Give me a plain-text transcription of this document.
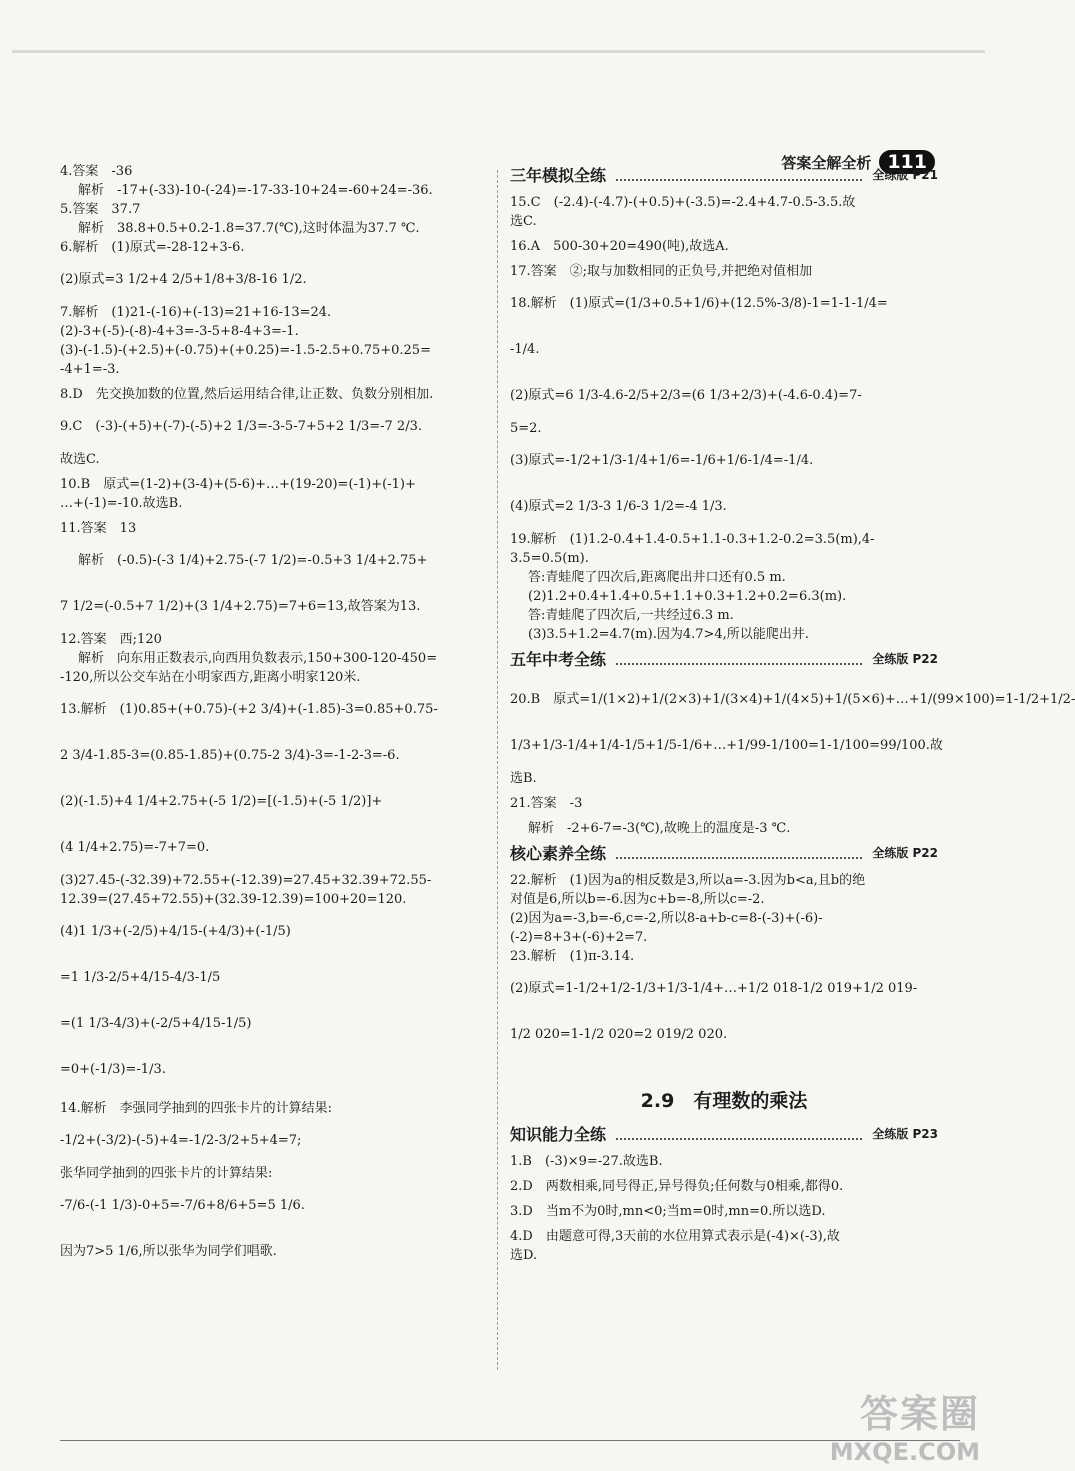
答案全解全析 111

4.答案　-36

解析　-17+(-33)-10-(-24)=-17-33-10+24=-60+24=-36.

5.答案　37.7

解析　38.8+0.5+0.2-1.8=37.7(℃),这时体温为37.7 ℃.

6.解析　(1)原式=-28-12+3-6.

(2)原式=3 1/2+4 2/5+1/8+3/8-16 1/2.

7.解析　(1)21-(-16)+(-13)=21+16-13=24.

(2)-3+(-5)-(-8)-4+3=-3-5+8-4+3=-1.

(3)-(-1.5)-(+2.5)+(-0.75)+(+0.25)=-1.5-2.5+0.75+0.25=

-4+1=-3.

8.D　先交换加数的位置,然后运用结合律,让正数、负数分别相加.

9.C　(-3)-(+5)+(-7)-(-5)+2 1/3=-3-5-7+5+2 1/3=-7 2/3.

故选C.

10.B　原式=(1-2)+(3-4)+(5-6)+…+(19-20)=(-1)+(-1)+

…+(-1)=-10.故选B.

11.答案　13

解析　(-0.5)-(-3 1/4)+2.75-(-7 1/2)=-0.5+3 1/4+2.75+

7 1/2=(-0.5+7 1/2)+(3 1/4+2.75)=7+6=13,故答案为13.

12.答案　西;120

解析　向东用正数表示,向西用负数表示,150+300-120-450=

-120,所以公交车站在小明家西方,距离小明家120米.

13.解析　(1)0.85+(+0.75)-(+2 3/4)+(-1.85)-3=0.85+0.75-

2 3/4-1.85-3=(0.85-1.85)+(0.75-2 3/4)-3=-1-2-3=-6.

(2)(-1.5)+4 1/4+2.75+(-5 1/2)=[(-1.5)+(-5 1/2)]+

(4 1/4+2.75)=-7+7=0.

(3)27.45-(-32.39)+72.55+(-12.39)=27.45+32.39+72.55-

12.39=(27.45+72.55)+(32.39-12.39)=100+20=120.

(4)1 1/3+(-2/5)+4/15-(+4/3)+(-1/5)

=1 1/3-2/5+4/15-4/3-1/5

=(1 1/3-4/3)+(-2/5+4/15-1/5)

=0+(-1/3)=-1/3.

14.解析　李强同学抽到的四张卡片的计算结果:

-1/2+(-3/2)-(-5)+4=-1/2-3/2+5+4=7;

张华同学抽到的四张卡片的计算结果:

-7/6-(-1 1/3)-0+5=-7/6+8/6+5=5 1/6.

因为7>5 1/6,所以张华为同学们唱歌.

三年模拟全练	全练版 P21

15.C　(-2.4)-(-4.7)-(+0.5)+(-3.5)=-2.4+4.7-0.5-3.5.故

选C.

16.A　500-30+20=490(吨),故选A.

17.答案　②;取与加数相同的正负号,并把绝对值相加

18.解析　(1)原式=(1/3+0.5+1/6)+(12.5%-3/8)-1=1-1-1/4=

-1/4.

(2)原式=6 1/3-4.6-2/5+2/3=(6 1/3+2/3)+(-4.6-0.4)=7-

5=2.

(3)原式=-1/2+1/3-1/4+1/6=-1/6+1/6-1/4=-1/4.

(4)原式=2 1/3-3 1/6-3 1/2=-4 1/3.

19.解析　(1)1.2-0.4+1.4-0.5+1.1-0.3+1.2-0.2=3.5(m),4-

3.5=0.5(m).

答:青蛙爬了四次后,距离爬出井口还有0.5 m.

(2)1.2+0.4+1.4+0.5+1.1+0.3+1.2+0.2=6.3(m).

答:青蛙爬了四次后,一共经过6.3 m.

(3)3.5+1.2=4.7(m).因为4.7>4,所以能爬出井.

五年中考全练	全练版 P22

20.B　原式=1/(1×2)+1/(2×3)+1/(3×4)+1/(4×5)+1/(5×6)+…+1/(99×100)=1-1/2+1/2-

1/3+1/3-1/4+1/4-1/5+1/5-1/6+…+1/99-1/100=1-1/100=99/100.故

选B.

21.答案　-3

解析　-2+6-7=-3(℃),故晚上的温度是-3 ℃.

核心素养全练	全练版 P22

22.解析　(1)因为a的相反数是3,所以a=-3.因为b<a,且b的绝

对值是6,所以b=-6.因为c+b=-8,所以c=-2.

(2)因为a=-3,b=-6,c=-2,所以8-a+b-c=8-(-3)+(-6)-

(-2)=8+3+(-6)+2=7.

23.解析　(1)π-3.14.

(2)原式=1-1/2+1/2-1/3+1/3-1/4+…+1/2 018-1/2 019+1/2 019-

1/2 020=1-1/2 020=2 019/2 020.

2.9　有理数的乘法
知识能力全练	全练版 P23

1.B　(-3)×9=-27.故选B.

2.D　两数相乘,同号得正,异号得负;任何数与0相乘,都得0.

3.D　当m不为0时,mn<0;当m=0时,mn=0.所以选D.

4.D　由题意可得,3天前的水位用算式表示是(-4)×(-3),故

选D.

答案圈
MXQE.COM
